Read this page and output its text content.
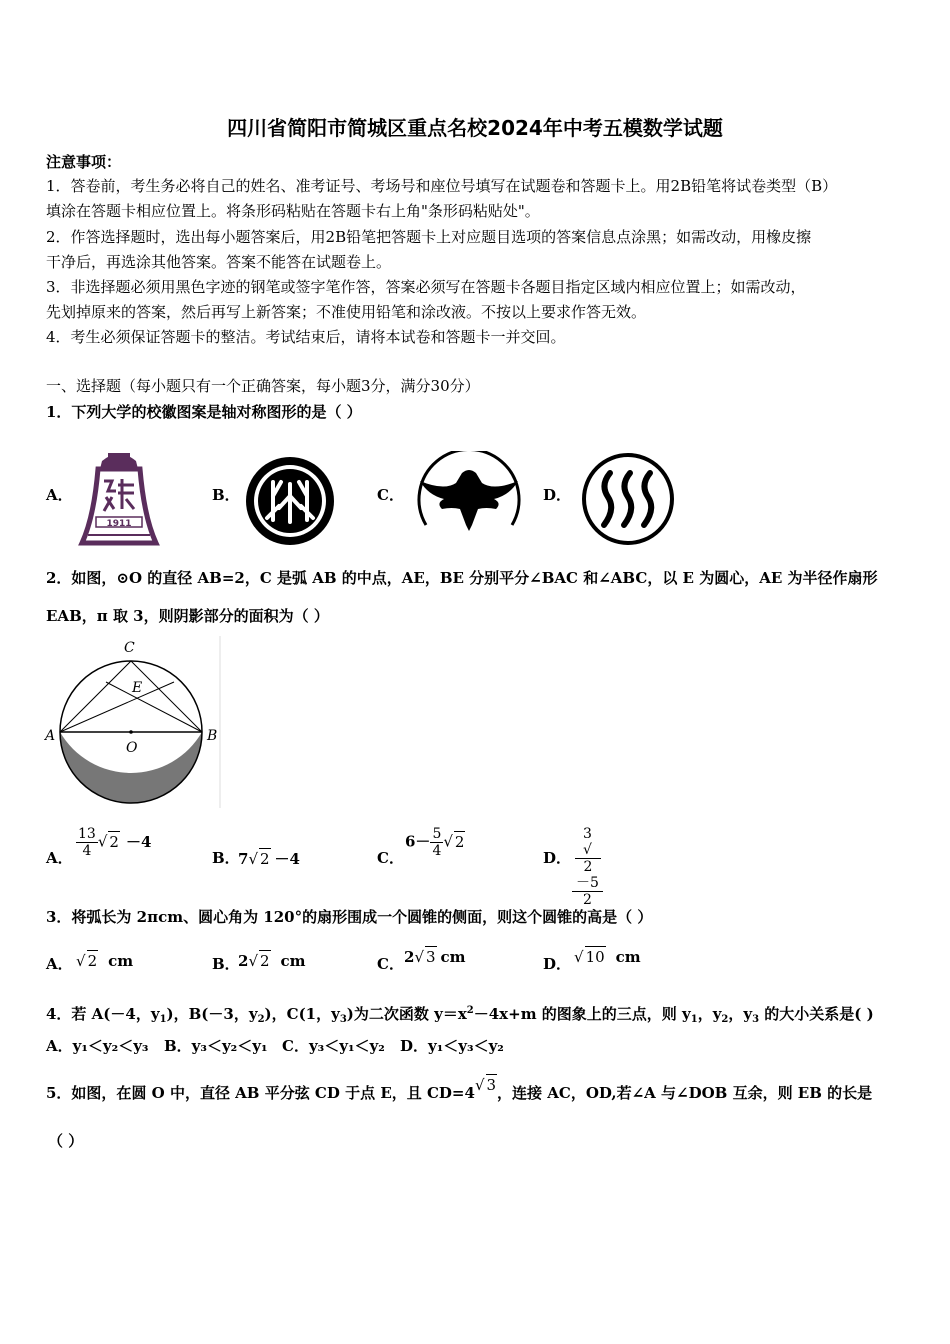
四川省简阳市简城区重点名校2024年中考五模数学试题
注意事项：
1．答卷前，考生务必将自己的姓名、准考证号、考场号和座位号填写在试题卷和答题卡上。用2B铅笔将试卷类型（B）
填涂在答题卡相应位置上。将条形码粘贴在答题卡右上角"条形码粘贴处"。
2．作答选择题时，选出每小题答案后，用2B铅笔把答题卡上对应题目选项的答案信息点涂黑；如需改动，用橡皮擦
干净后，再选涂其他答案。答案不能答在试题卷上。
3．非选择题必须用黑色字迹的钢笔或签字笔作答，答案必须写在答题卡各题目指定区域内相应位置上；如需改动，
先划掉原来的答案，然后再写上新答案；不准使用铅笔和涂改液。不按以上要求作答无效。
4．考生必须保证答题卡的整洁。考试结束后，请将本试卷和答题卡一并交回。
一、选择题（每小题只有一个正确答案，每小题3分，满分30分）
1．下列大学的校徽图案是轴对称图形的是（ ）
A．
1911
B．	C．	D．
2．如图，⊙O 的直径 AB=2，C 是弧 AB 的中点，AE，BE 分别平分∠BAC 和∠ABC，以 E 为圆心，AE 为半径作扇形
EAB，π 取 3，则阴影部分的面积为（ ）
C
E
A	B
O
A． $\frac{13}{4}$ √ 2 －4
B．
7√ 2 －4	C．
$6- \frac{5}{4}$ √ 2
D． 3
√
2
－5
2
3．将弧长为 2πcm、圆心角为 120°的扇形围成一个圆锥的侧面，则这个圆锥的高是（ ）
A． √ 2 cm	B．
2√ 2 cm	C． 2√ 3 cm	D． √ 10 cm
4．若 A(－4，$y_1$)，B(－3，$y_2$)，C(1，$y_3$)为二次函数 $y=x^2-4x+m$ 的图象上的三点，则 $y_1$，$y_2$，$y_3$ 的大小关系是( )
A．y₁＜y₂＜y₃ B．y₃＜y₂＜y₁ C．y₃＜y₁＜y₂ D．y₁＜y₃＜y₂
5．如图，在圆 O 中，直径 AB 平分弦 CD 于点 E，且 CD=4√ 3，连接 AC，OD,若∠A 与∠DOB 互余，则 EB 的长是
（ ）
